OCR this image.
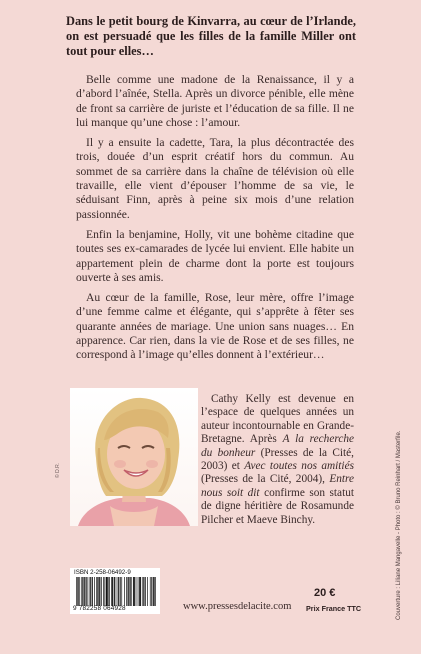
Dans le petit bourg de Kinvarra, au cœur de l’Irlande, on est persuadé que les filles de la famille Miller ont tout pour elles…

Belle comme une madone de la Renaissance, il y a d’abord l’aînée, Stella. Après un divorce pénible, elle mène de front sa carrière de juriste et l’éducation de sa fille. Il ne lui manque qu’une chose : l’amour.

Il y a ensuite la cadette, Tara, la plus décontractée des trois, douée d’un esprit créatif hors du commun. Au sommet de sa carrière dans la chaîne de télévision où elle travaille, elle vient d’épouser l’homme de sa vie, le séduisant Finn, après à peine six mois d’une relation passionnée.

Enfin la benjamine, Holly, vit une bohème citadine que toutes ses ex-camarades de lycée lui envient. Elle habite un appartement plein de charme dont la porte est toujours ouverte à ses amis.

Au cœur de la famille, Rose, leur mère, offre l’image d’une femme calme et élégante, qui s’apprête à fêter ses quarante années de mariage. Une union sans nuages… En apparence. Car rien, dans la vie de Rose et de ses filles, ne correspond à l’image qu’elles donnent à l’extérieur…

© D.R.

Cathy Kelly est devenue en l’espace de quelques années un auteur incontournable en Grande-Bretagne. Après A la recherche du bonheur (Presses de la Cité, 2003) et Avec toutes nos amitiés (Presses de la Cité, 2004), Entre nous soit dit confirme son statut de digne héritière de Rosamunde Pilcher et Maeve Binchy.	Couverture : Liliane Mangavelle - Photo : © Bruno Reinhart / Masterfile.
ISBN 2-258-06492-9
9 782258 064928	www.pressesdelacite.com
20 €
Prix France TTC
